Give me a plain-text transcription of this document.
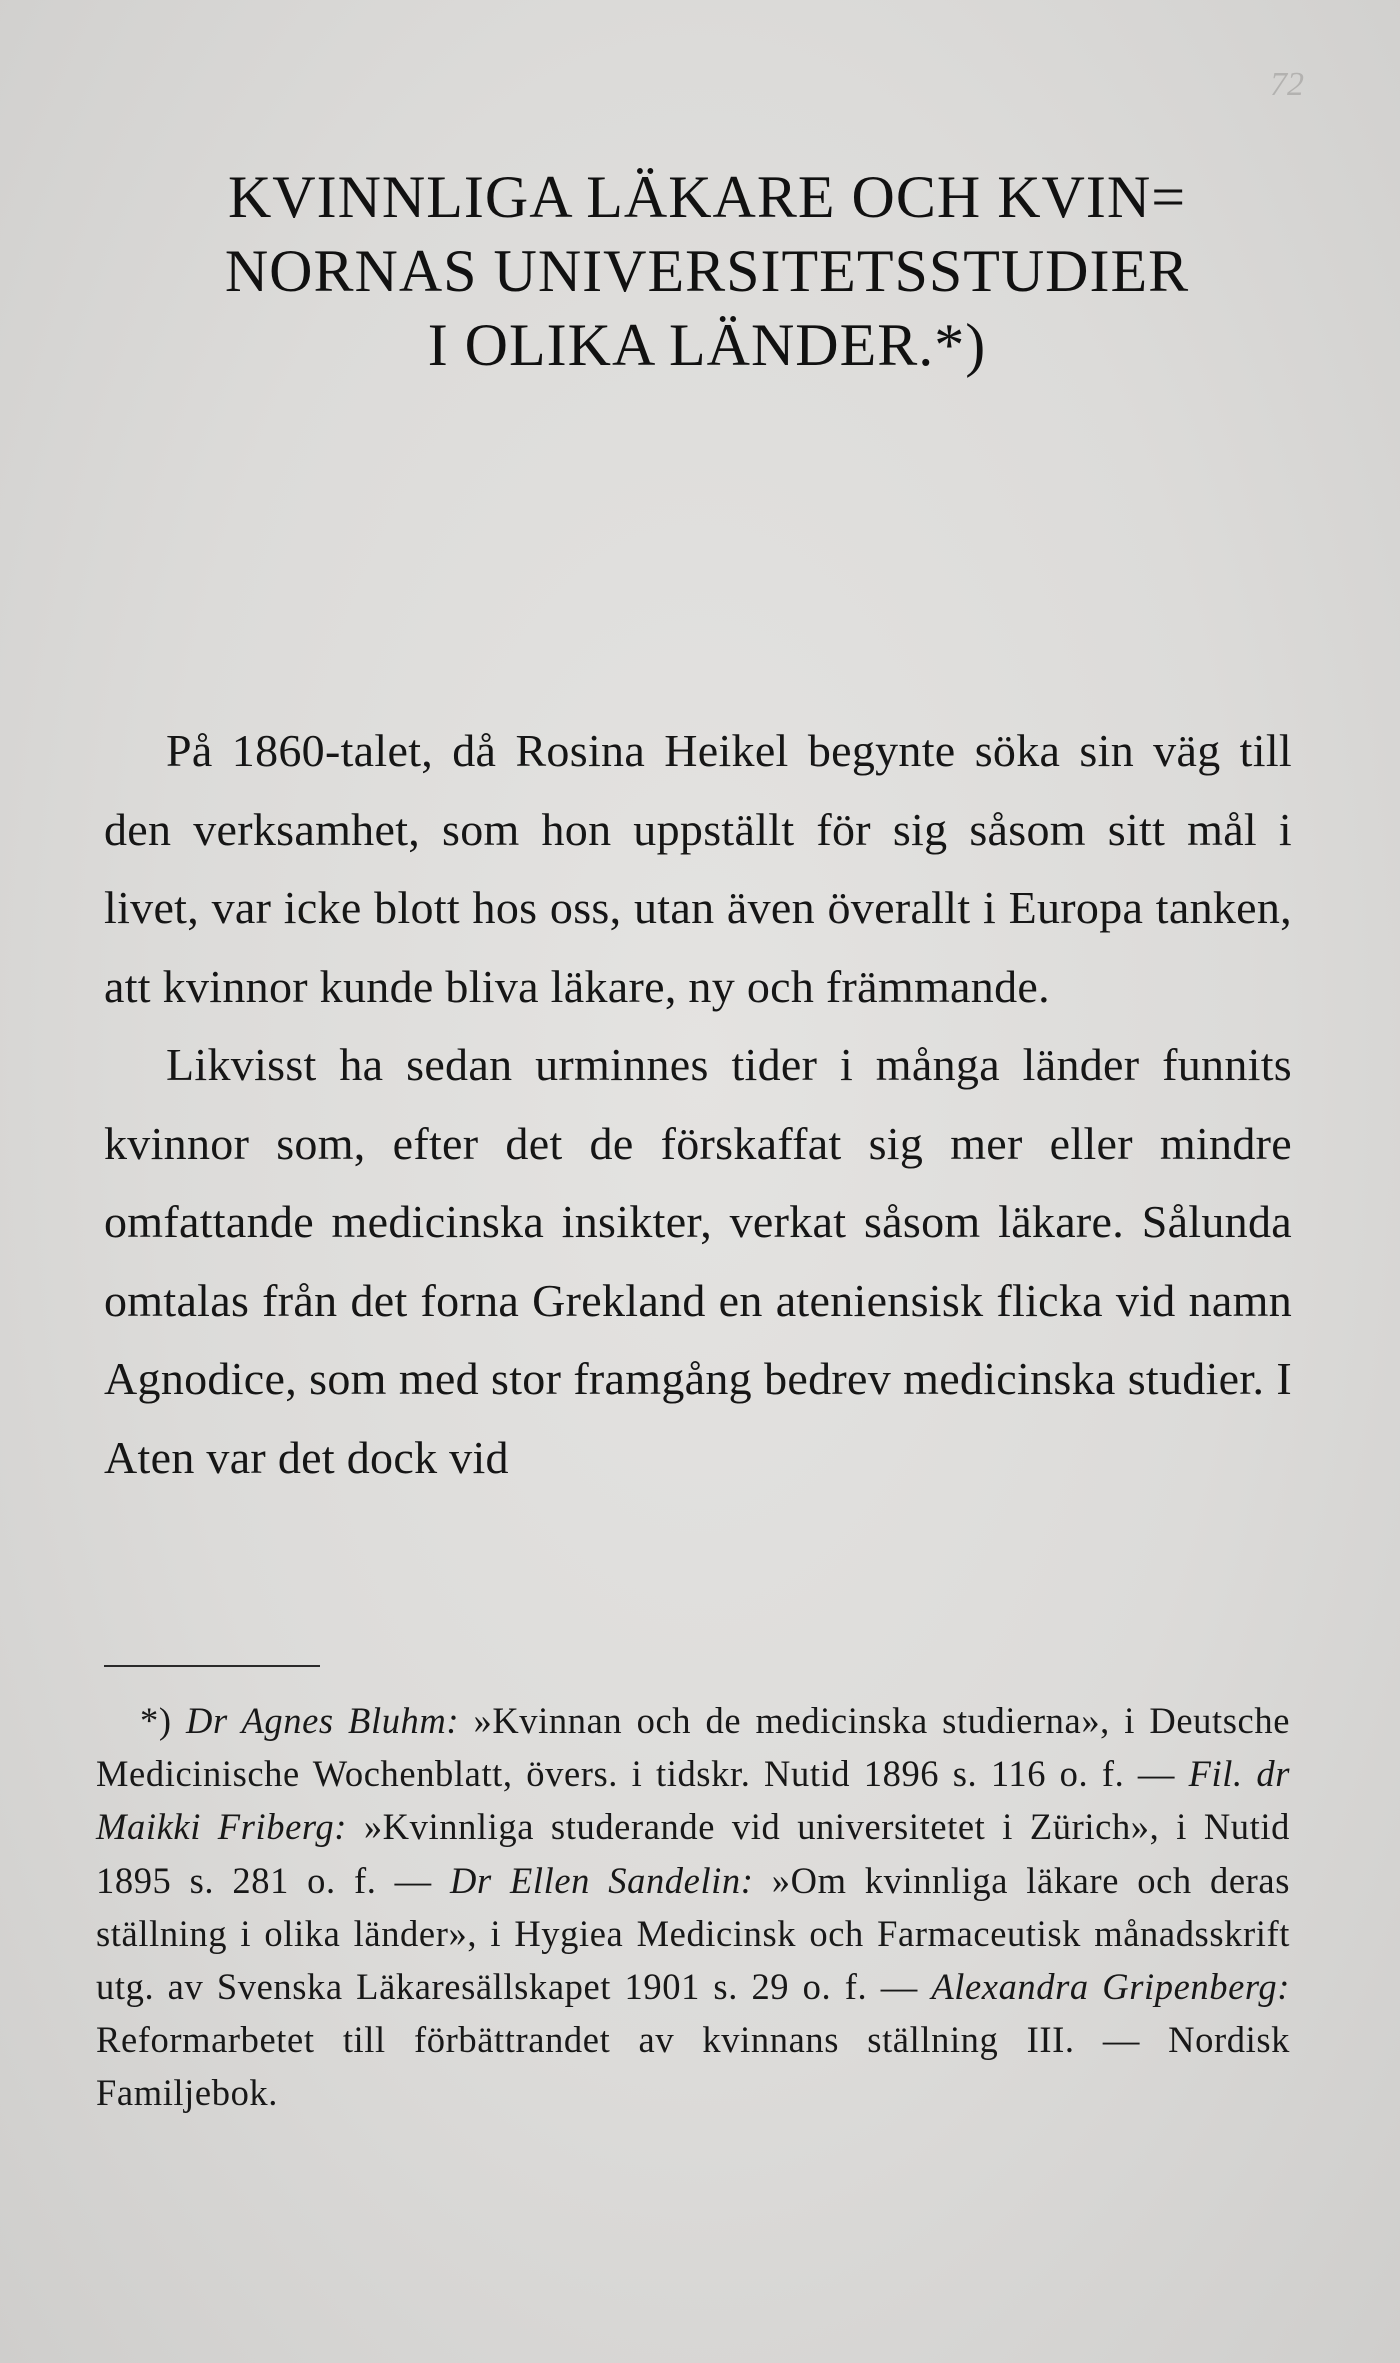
72
KVINNLIGA LÄKARE OCH KVIN=
NORNAS UNIVERSITETSSTUDIER
I OLIKA LÄNDER.*)

På 1860-talet, då Rosina Heikel begynte söka sin väg till den verksamhet, som hon uppställt för sig såsom sitt mål i livet, var icke blott hos oss, utan även överallt i Europa tanken, att kvinnor kunde bliva läkare, ny och främmande.

Likvisst ha sedan urminnes tider i många länder funnits kvinnor som, efter det de förskaffat sig mer eller mindre omfattande medicinska insikter, verkat såsom läkare. Sålunda omtalas från det forna Grekland en ateniensisk flicka vid namn Agnodice, som med stor framgång bedrev medicinska studier. I Aten var det dock vid

*) Dr Agnes Bluhm: »Kvinnan och de medicinska studierna», i Deutsche Medicinische Wochenblatt, övers. i tidskr. Nutid 1896 s. 116 o. f. — Fil. dr Maikki Friberg: »Kvinnliga studerande vid universitetet i Zürich», i Nutid 1895 s. 281 o. f. — Dr Ellen Sandelin: »Om kvinnliga läkare och deras ställning i olika länder», i Hygiea Medicinsk och Farmaceutisk månadsskrift utg. av Svenska Läkaresällskapet 1901 s. 29 o. f. — Alexandra Gripenberg: Reformarbetet till förbättrandet av kvinnans ställning III. — Nordisk Familjebok.
